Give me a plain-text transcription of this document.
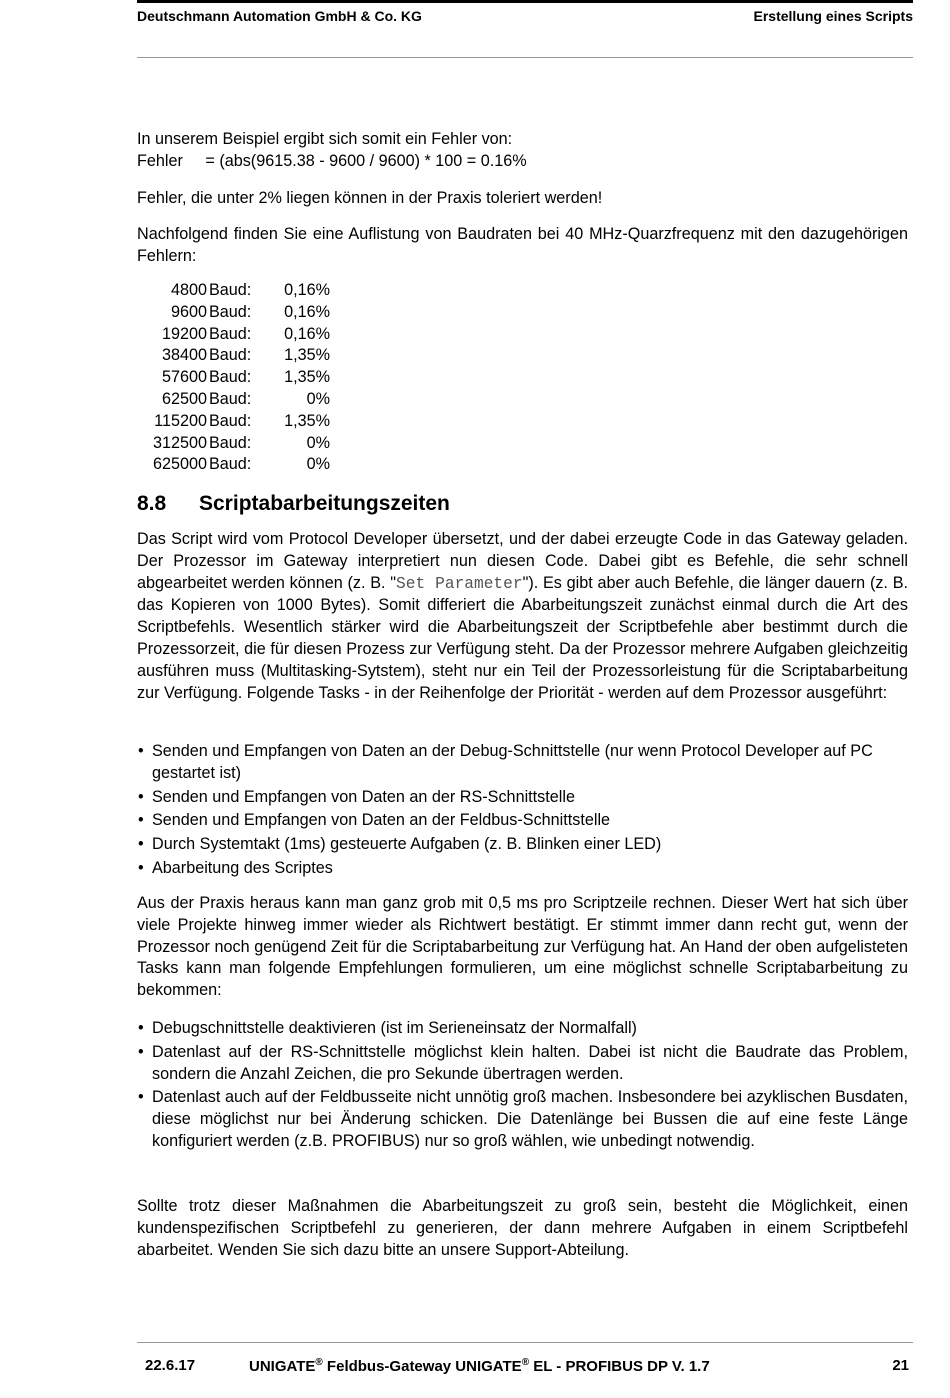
Deutschmann Automation GmbH & Co. KG	Erstellung eines Scripts

In unserem Beispiel ergibt sich somit ein Fehler von:

Fehler     = (abs(9615.38 - 9600 / 9600) * 100 = 0.16%

Fehler, die unter 2% liegen können in der Praxis toleriert werden!

Nachfolgend finden Sie eine Auflistung von Baudraten bei 40 MHz-Quarzfrequenz mit den dazugehörigen Fehlern:

4800	Baud:	0,16%
9600	Baud:	0,16%
19200	Baud:	0,16%
38400	Baud:	1,35%
57600	Baud:	1,35%
62500	Baud:	0%
115200	Baud:	1,35%
312500	Baud:	0%
625000	Baud:	0%
8.8 Scriptabarbeitungszeiten

Das Script wird vom Protocol Developer übersetzt, und der dabei erzeugte Code in das Gateway geladen. Der Prozessor im Gateway interpretiert nun diesen Code. Dabei gibt es Befehle, die sehr schnell abgearbeitet werden können (z. B. "Set Parameter"). Es gibt aber auch Befehle, die länger dauern (z. B. das Kopieren von 1000 Bytes). Somit differiert die Abarbeitungszeit zunächst einmal durch die Art des Scriptbefehls. Wesentlich stärker wird die Abarbeitungszeit der Scriptbefehle aber bestimmt durch die Prozessorzeit, die für diesen Prozess zur Verfügung steht. Da der Prozessor mehrere Aufgaben gleichzeitig ausführen muss (Multitasking-Sytstem), steht nur ein Teil der Prozessorleistung für die Scriptabarbeitung zur Verfügung. Folgende Tasks - in der Reihenfolge der Priorität - werden auf dem Prozessor ausgeführt:

• Senden und Empfangen von Daten an der Debug-Schnittstelle (nur wenn Protocol Developer auf PC gestartet ist)
• Senden und Empfangen von Daten an der RS-Schnittstelle
• Senden und Empfangen von Daten an der Feldbus-Schnittstelle
• Durch Systemtakt (1ms) gesteuerte Aufgaben (z. B. Blinken einer LED)
• Abarbeitung des Scriptes

Aus der Praxis heraus kann man ganz grob mit 0,5 ms pro Scriptzeile rechnen. Dieser Wert hat sich über viele Projekte hinweg immer wieder als Richtwert bestätigt. Er stimmt immer dann recht gut, wenn der Prozessor noch genügend Zeit für die Scriptabarbeitung zur Verfügung hat. An Hand der oben aufgelisteten Tasks kann man folgende Empfehlungen formulieren, um eine möglichst schnelle Scriptabarbeitung zu bekommen:

• Debugschnittstelle deaktivieren (ist im Serieneinsatz der Normalfall)
• Datenlast auf der RS-Schnittstelle möglichst klein halten. Dabei ist nicht die Baudrate das Problem, sondern die Anzahl Zeichen, die pro Sekunde übertragen werden.
• Datenlast auch auf der Feldbusseite nicht unnötig groß machen. Insbesondere bei azyklischen Busdaten, diese möglichst nur bei Änderung schicken. Die Datenlänge bei Bussen die auf eine feste Länge konfiguriert werden (z.B. PROFIBUS) nur so groß wählen, wie unbedingt notwendig.

Sollte trotz dieser Maßnahmen die Abarbeitungszeit zu groß sein, besteht die Möglichkeit, einen kundenspezifischen Scriptbefehl zu generieren, der dann mehrere Aufgaben in einem Scriptbefehl abarbeitet. Wenden Sie sich dazu bitte an unsere Support-Abteilung.

22.6.17	UNIGATE® Feldbus-Gateway UNIGATE® EL - PROFIBUS DP V. 1.7	21
